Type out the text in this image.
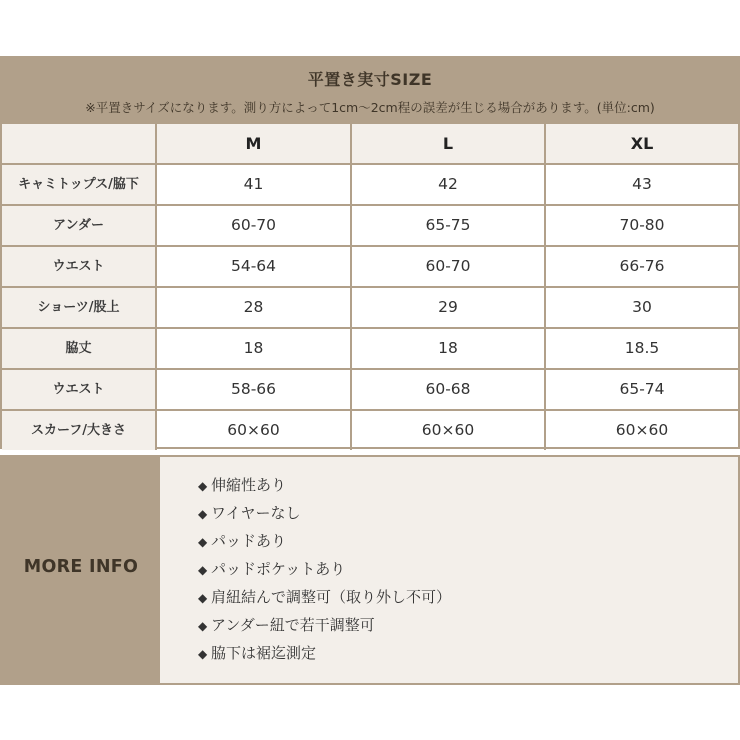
平置き実寸SIZE
※平置きサイズになります。測り方によって1cm〜2cm程の誤差が生じる場合があります。(単位:cm)
M	L	XL
キャミトップス/脇下	41	42	43
アンダー	60-70	65-75	70-80
ウエスト	54-64	60-70	66-76
ショーツ/股上	28	29	30
脇丈	18	18	18.5
ウエスト	58-66	60-68	65-74
スカーフ/大きさ	60×60	60×60	60×60
MORE INFO
◆ 伸縮性あり
◆ ワイヤーなし
◆ パッドあり
◆ パッドポケットあり
◆ 肩紐結んで調整可（取り外し不可）
◆ アンダー紐で若干調整可
◆ 脇下は裾迄測定
